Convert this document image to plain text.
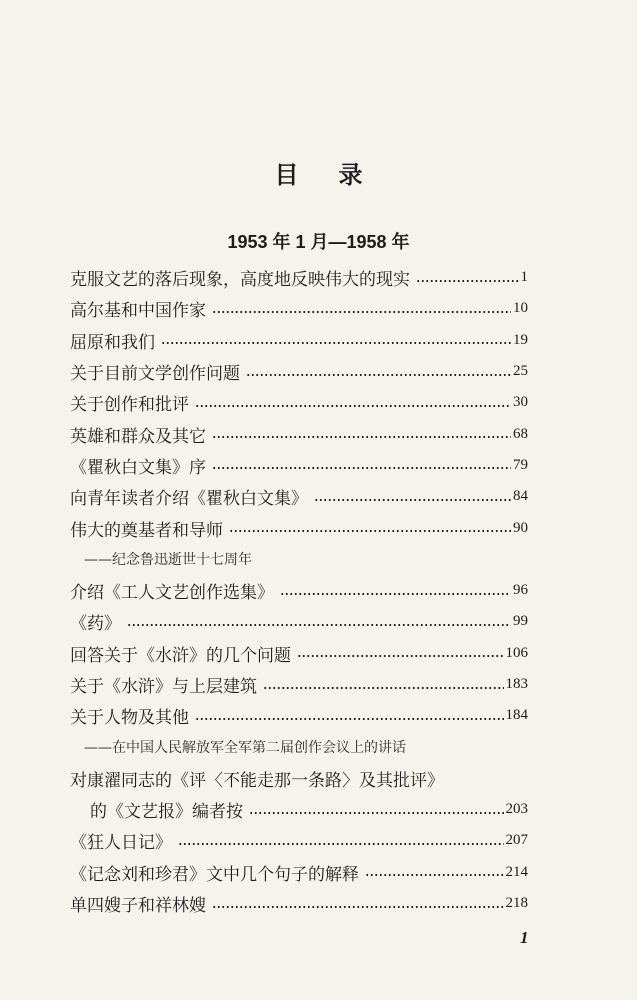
目录
1953 年 1 月—1958 年
克服文艺的落后现象，高度地反映伟大的现实	1
高尔基和中国作家	10
屈原和我们	19
关于目前文学创作问题	25
关于创作和批评	30
英雄和群众及其它	68
《瞿秋白文集》序	79
向青年读者介绍《瞿秋白文集》	84
伟大的奠基者和导师	90
——纪念鲁迅逝世十七周年
介绍《工人文艺创作选集》	96
《药》	99
回答关于《水浒》的几个问题	106
关于《水浒》与上层建筑	183
关于人物及其他	184
——在中国人民解放军全军第二届创作会议上的讲话
对康濯同志的《评〈不能走那一条路〉及其批评》
的《文艺报》编者按	203
《狂人日记》	207
《记念刘和珍君》文中几个句子的解释	214
单四嫂子和祥林嫂	218
1
